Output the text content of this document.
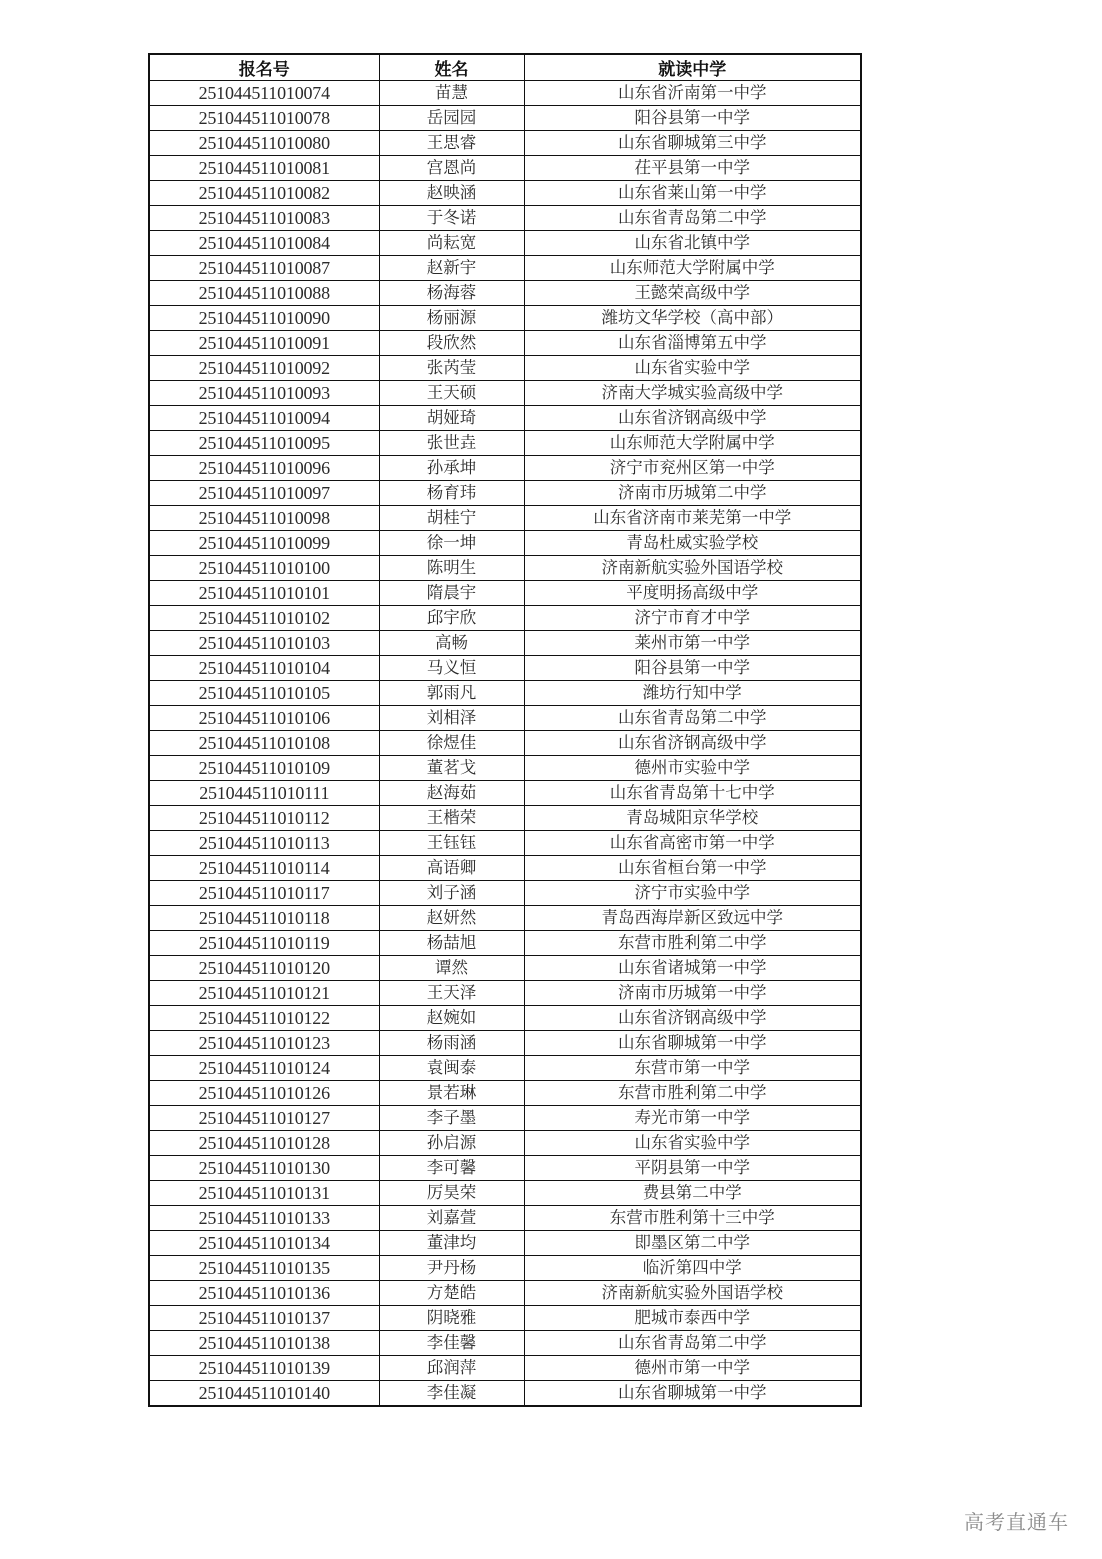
报名号	姓名	就读中学
251044511010074	苗慧	山东省沂南第一中学
251044511010078	岳园园	阳谷县第一中学
251044511010080	王思睿	山东省聊城第三中学
251044511010081	宫恩尚	茌平县第一中学
251044511010082	赵映涵	山东省莱山第一中学
251044511010083	于冬诺	山东省青岛第二中学
251044511010084	尚耘宽	山东省北镇中学
251044511010087	赵新宇	山东师范大学附属中学
251044511010088	杨海蓉	王懿荣高级中学
251044511010090	杨丽源	潍坊文华学校（高中部）
251044511010091	段欣然	山东省淄博第五中学
251044511010092	张芮莹	山东省实验中学
251044511010093	王天硕	济南大学城实验高级中学
251044511010094	胡娅琦	山东省济钢高级中学
251044511010095	张世垚	山东师范大学附属中学
251044511010096	孙承坤	济宁市兖州区第一中学
251044511010097	杨育玮	济南市历城第二中学
251044511010098	胡桂宁	山东省济南市莱芜第一中学
251044511010099	徐一坤	青岛杜威实验学校
251044511010100	陈明生	济南新航实验外国语学校
251044511010101	隋晨宇	平度明扬高级中学
251044511010102	邱宇欣	济宁市育才中学
251044511010103	高畅	莱州市第一中学
251044511010104	马义恒	阳谷县第一中学
251044511010105	郭雨凡	潍坊行知中学
251044511010106	刘相泽	山东省青岛第二中学
251044511010108	徐煜佳	山东省济钢高级中学
251044511010109	董茗戈	德州市实验中学
251044511010111	赵海茹	山东省青岛第十七中学
251044511010112	王楷荣	青岛城阳京华学校
251044511010113	王钰钰	山东省高密市第一中学
251044511010114	高语卿	山东省桓台第一中学
251044511010117	刘子涵	济宁市实验中学
251044511010118	赵妍然	青岛西海岸新区致远中学
251044511010119	杨喆旭	东营市胜利第二中学
251044511010120	谭然	山东省诸城第一中学
251044511010121	王天泽	济南市历城第一中学
251044511010122	赵婉如	山东省济钢高级中学
251044511010123	杨雨涵	山东省聊城第一中学
251044511010124	袁闽泰	东营市第一中学
251044511010126	景若琳	东营市胜利第二中学
251044511010127	李子墨	寿光市第一中学
251044511010128	孙启源	山东省实验中学
251044511010130	李可馨	平阴县第一中学
251044511010131	厉昊荣	费县第二中学
251044511010133	刘嘉萱	东营市胜利第十三中学
251044511010134	董津均	即墨区第二中学
251044511010135	尹丹杨	临沂第四中学
251044511010136	方楚皓	济南新航实验外国语学校
251044511010137	阴晓雅	肥城市泰西中学
251044511010138	李佳馨	山东省青岛第二中学
251044511010139	邱润萍	德州市第一中学
251044511010140	李佳凝	山东省聊城第一中学
高考直通车
